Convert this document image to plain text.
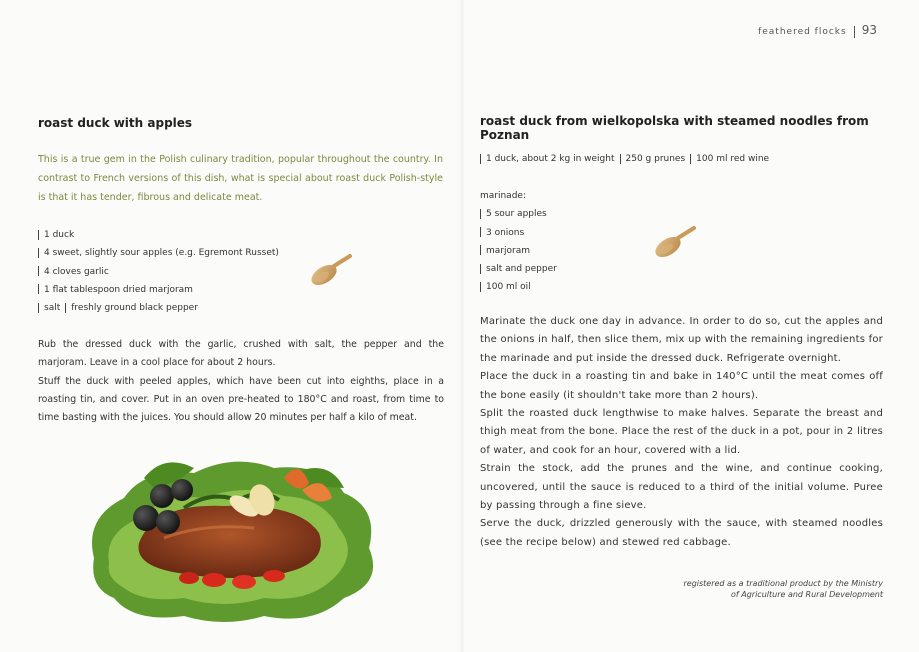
feathered flocks 93
roast duck with apples
This is a true gem in the Polish culinary tradition, popular throughout the country. In contrast to French versions of this dish, what is special about roast duck Polish-style is that it has tender, fibrous and delicate meat.
1 duck
4 sweet, slightly sour apples (e.g. Egremont Russet)
4 cloves garlic
1 flat tablespoon dried marjoram
salt freshly ground black pepper

Rub the dressed duck with the garlic, crushed with salt, the pepper and the marjoram. Leave in a cool place for about 2 hours.

Stuff the duck with peeled apples, which have been cut into eighths, place in a roasting tin, and cover. Put in an oven pre-heated to 180°C and roast, from time to time basting with the juices. You should allow 20 minutes per half a kilo of meat.

roast duck from wielkopolska with steamed noodles from Poznan
1 duck, about 2 kg in weight 250 g prunes 100 ml red wine
marinade:
5 sour apples
3 onions
marjoram
salt and pepper
100 ml oil

Marinate the duck one day in advance. In order to do so, cut the apples and the onions in half, then slice them, mix up with the remaining ingredients for the marinade and put inside the dressed duck. Refrigerate overnight.

Place the duck in a roasting tin and bake in 140°C until the meat comes off the bone easily (it shouldn't take more than 2 hours).

Split the roasted duck lengthwise to make halves. Separate the breast and thigh meat from the bone. Place the rest of the duck in a pot, pour in 2 litres of water, and cook for an hour, covered with a lid.

Strain the stock, add the prunes and the wine, and continue cooking, uncovered, until the sauce is reduced to a third of the initial volume. Puree by passing through a fine sieve.

Serve the duck, drizzled generously with the sauce, with steamed noodles (see the recipe below) and stewed red cabbage.

registered as a traditional product by the Ministry
of Agriculture and Rural Development
